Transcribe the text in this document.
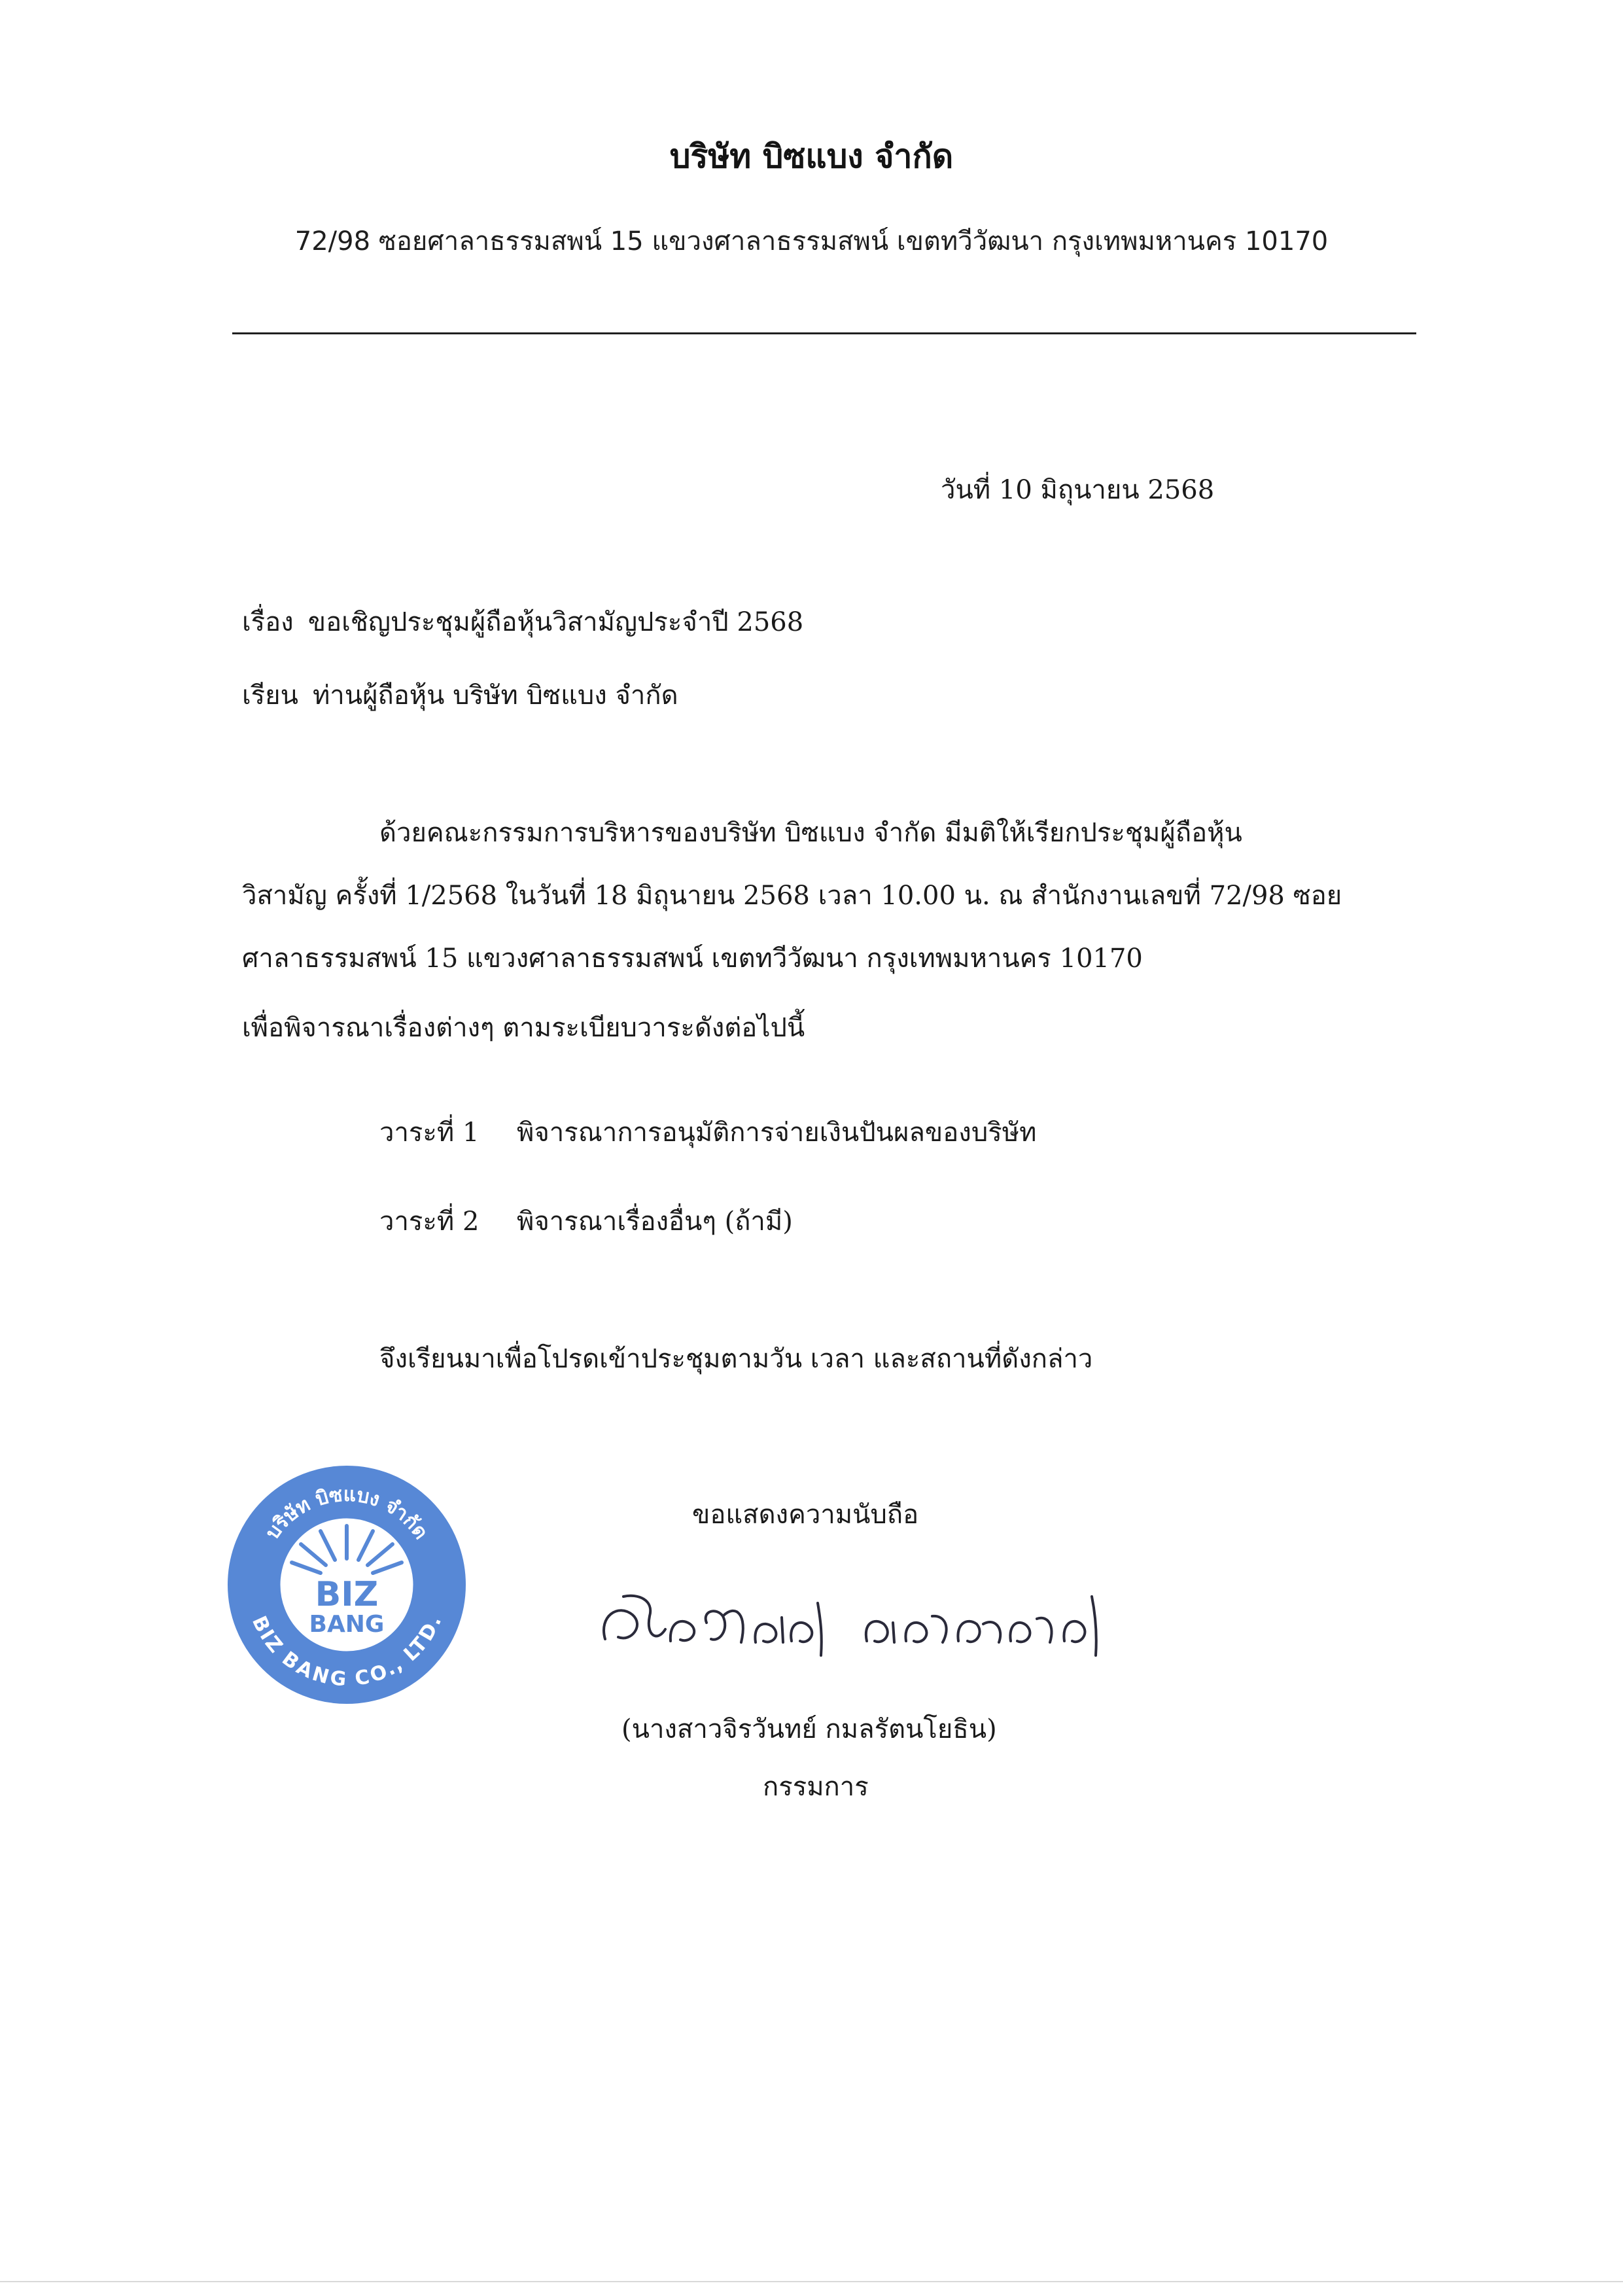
บริษัท บิซแบง จำกัด
72/98 ซอยศาลาธรรมสพน์ 15 แขวงศาลาธรรมสพน์ เขตทวีวัฒนา กรุงเทพมหานคร 10170
วันที่ 10 มิถุนายน 2568
เรื่อง ขอเชิญประชุมผู้ถือหุ้นวิสามัญประจำปี 2568
เรียน ท่านผู้ถือหุ้น บริษัท บิซแบง จำกัด
ด้วยคณะกรรมการบริหารของบริษัท บิซแบง จำกัด มีมติให้เรียกประชุมผู้ถือหุ้น
วิสามัญ ครั้งที่ 1/2568 ในวันที่ 18 มิถุนายน 2568 เวลา 10.00 น. ณ สำนักงานเลขที่ 72/98 ซอย
ศาลาธรรมสพน์ 15 แขวงศาลาธรรมสพน์ เขตทวีวัฒนา กรุงเทพมหานคร 10170
เพื่อพิจารณาเรื่องต่างๆ ตามระเบียบวาระดังต่อไปนี้
วาระที่ 1 พิจารณาการอนุมัติการจ่ายเงินปันผลของบริษัท
วาระที่ 2 พิจารณาเรื่องอื่นๆ (ถ้ามี)
จึงเรียนมาเพื่อโปรดเข้าประชุมตามวัน เวลา และสถานที่ดังกล่าว
ขอแสดงความนับถือ
(นางสาวจิรวันทย์ กมลรัตนโยธิน)
กรรมการ
บริษัท บิซแบง จำกัด
BIZ BANG CO., LTD.
BIZ
BANG
